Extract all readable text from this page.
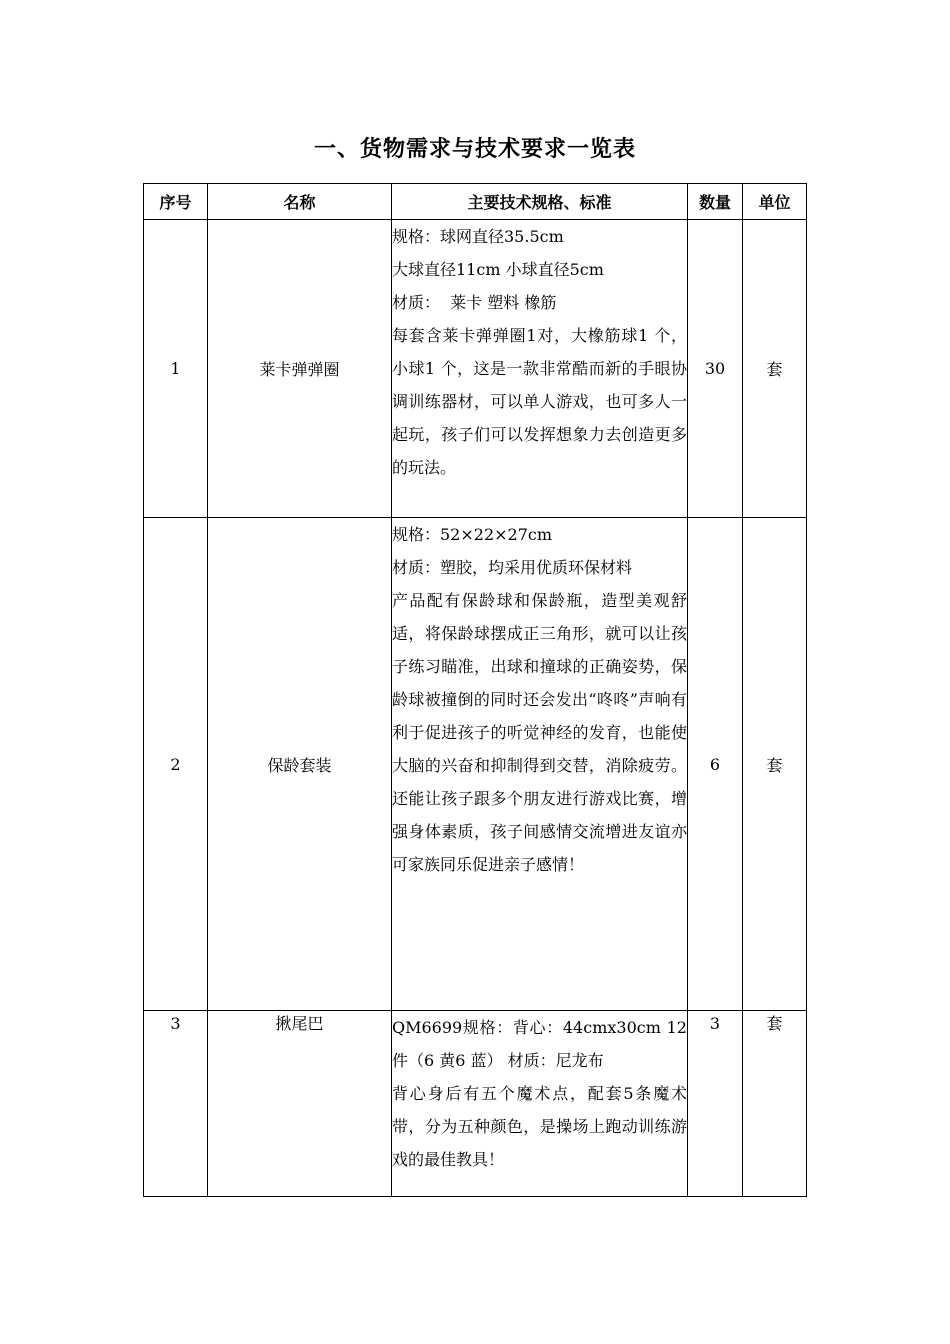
一、货物需求与技术要求一览表
序号	名称	主要技术规格、标准	数量	单位
1	莱卡弹弹圈	规格：球网直径35.5cm
大球直径11cm 小球直径5cm
材质：  莱卡 塑料 橡筋
每套含莱卡弹弹圈1对，大橡筋球1 个，小球1 个，这是一款非常酷而新的手眼协调训练器材，可以单人游戏，也可多人一起玩，孩子们可以发挥想象力去创造更多的玩法。	30	套
2	保龄套装	规格：52×22×27cm
材质：塑胶，均采用优质环保材料
产品配有保龄球和保龄瓶，造型美观舒适，将保龄球摆成正三角形，就可以让孩子练习瞄准，出球和撞球的正确姿势，保龄球被撞倒的同时还会发出“咚咚”声响有利于促进孩子的听觉神经的发育，也能使大脑的兴奋和抑制得到交替，消除疲劳。还能让孩子跟多个朋友进行游戏比赛，增强身体素质，孩子间感情交流增进友谊亦可家族同乐促进亲子感情！	6	套

3	揪尾巴	QM6699规格：背心：44cmx30cm 12 件（6 黄6 蓝） 材质：尼龙布
背心身后有五个魔术点，配套5条魔术带，分为五种颜色，是操场上跑动训练游戏的最佳教具！	3	套
